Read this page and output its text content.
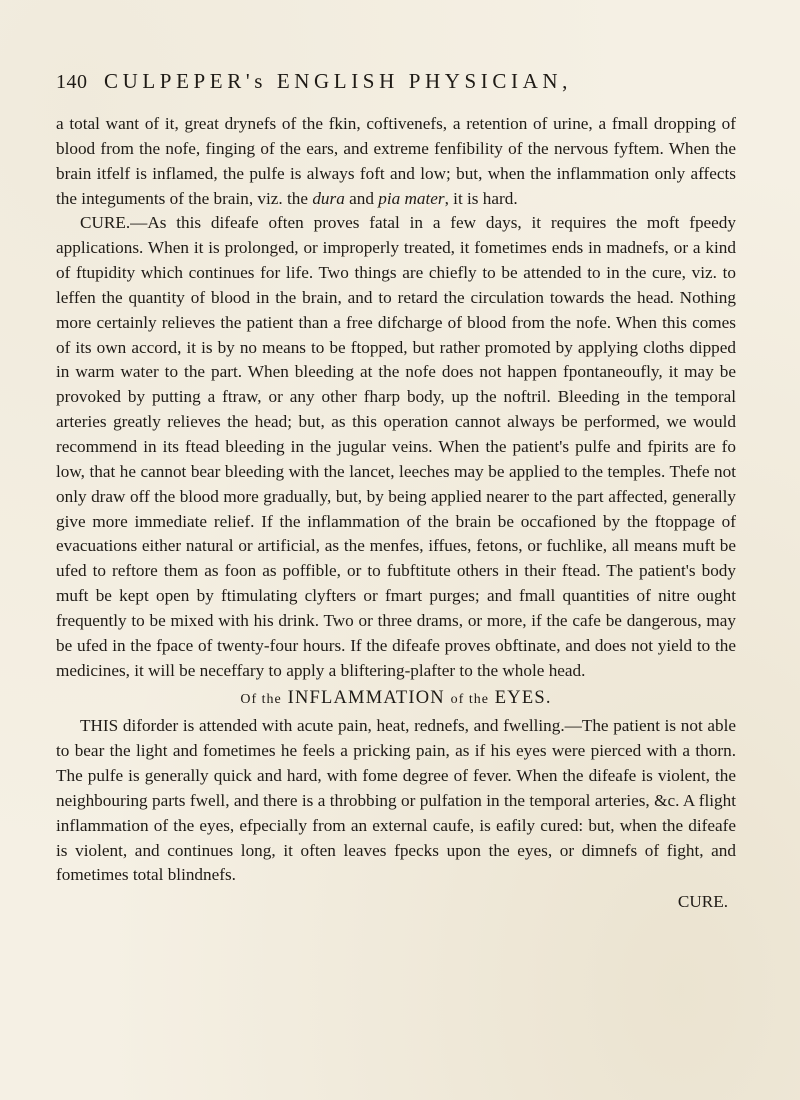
140 CULPEPER's ENGLISH PHYSICIAN,

a total want of it, great drynefs of the fkin, coftivenefs, a retention of urine, a fmall dropping of blood from the nofe, finging of the ears, and extreme fenfibility of the nervous fyftem. When the brain itfelf is inflamed, the pulfe is always foft and low; but, when the inflammation only affects the integuments of the brain, viz. the dura and pia mater, it is hard.

CURE.—As this difeafe often proves fatal in a few days, it requires the moft fpeedy applications. When it is prolonged, or improperly treated, it fometimes ends in madnefs, or a kind of ftupidity which continues for life. Two things are chiefly to be attended to in the cure, viz. to leffen the quantity of blood in the brain, and to retard the circulation towards the head. Nothing more certainly relieves the patient than a free difcharge of blood from the nofe. When this comes of its own accord, it is by no means to be ftopped, but rather promoted by applying cloths dipped in warm water to the part. When bleeding at the nofe does not happen fpontaneoufly, it may be provoked by putting a ftraw, or any other fharp body, up the noftril. Bleeding in the temporal arteries greatly relieves the head; but, as this operation cannot always be performed, we would recommend in its ftead bleeding in the jugular veins. When the patient's pulfe and fpirits are fo low, that he cannot bear bleeding with the lancet, leeches may be applied to the temples. Thefe not only draw off the blood more gradually, but, by being applied nearer to the part affected, generally give more immediate relief. If the inflammation of the brain be occafioned by the ftoppage of evacuations either natural or artificial, as the menfes, iffues, fetons, or fuchlike, all means muft be ufed to reftore them as foon as poffible, or to fubftitute others in their ftead. The patient's body muft be kept open by ftimulating clyfters or fmart purges; and fmall quantities of nitre ought frequently to be mixed with his drink. Two or three drams, or more, if the cafe be dangerous, may be ufed in the fpace of twenty-four hours. If the difeafe proves obftinate, and does not yield to the medicines, it will be neceffary to apply a bliftering-plafter to the whole head.

Of the INFLAMMATION of the EYES.

THIS diforder is attended with acute pain, heat, rednefs, and fwelling.—The patient is not able to bear the light and fometimes he feels a pricking pain, as if his eyes were pierced with a thorn. The pulfe is generally quick and hard, with fome degree of fever. When the difeafe is violent, the neighbouring parts fwell, and there is a throbbing or pulfation in the temporal arteries, &c. A flight inflammation of the eyes, efpecially from an external caufe, is eafily cured: but, when the difeafe is violent, and continues long, it often leaves fpecks upon the eyes, or dimnefs of fight, and fometimes total blindnefs.

CURE.
